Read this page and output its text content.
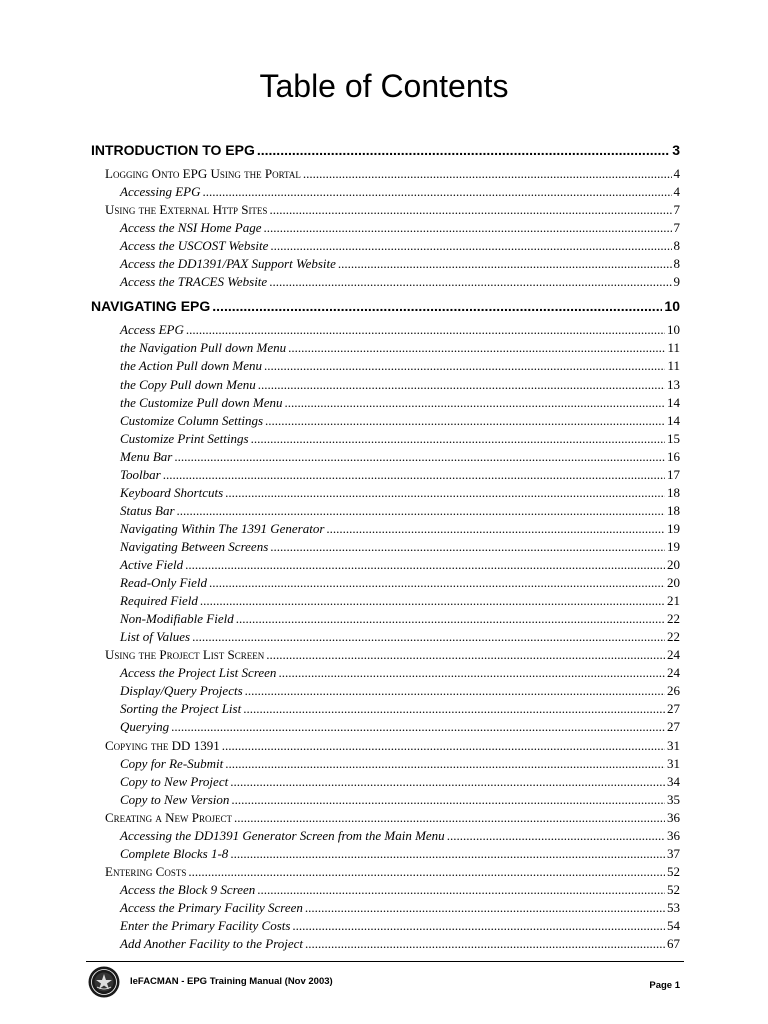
Table of Contents
INTRODUCTION TO EPG .....	3
Logging Onto EPG Using the Portal .....	4
Accessing EPG .....	4
Using the External Http Sites .....	7
Access the NSI Home Page .....	7
Access the USCOST Website .....	8
Access the DD1391/PAX Support Website .....	8
Access the TRACES Website .....	9
NAVIGATING EPG .....	10
Access EPG .....	10
the Navigation Pull down Menu .....	11
the Action Pull down Menu .....	11
the Copy Pull down Menu .....	13
the Customize Pull down Menu .....	14
Customize Column Settings .....	14
Customize Print Settings .....	15
Menu Bar .....	16
Toolbar .....	17
Keyboard Shortcuts .....	18
Status Bar .....	18
Navigating Within The 1391 Generator .....	19
Navigating Between Screens .....	19
Active Field .....	20
Read-Only Field .....	20
Required Field .....	21
Non-Modifiable Field .....	22
List of Values .....	22
Using the Project List Screen .....	24
Access the Project List Screen .....	24
Display/Query Projects .....	26
Sorting the Project List .....	27
Querying .....	27
Copying the DD 1391 .....	31
Copy for Re-Submit .....	31
Copy to New Project .....	34
Copy to New Version .....	35
Creating a New Project .....	36
Accessing the DD1391 Generator Screen from the Main Menu .....	36
Complete Blocks 1-8 .....	37
Entering Costs .....	52
Access the Block 9 Screen .....	52
Access the Primary Facility Screen .....	53
Enter the Primary Facility Costs .....	54
Add Another Facility to the Project .....	67
IeFACMAN - EPG Training Manual (Nov 2003)	Page 1
